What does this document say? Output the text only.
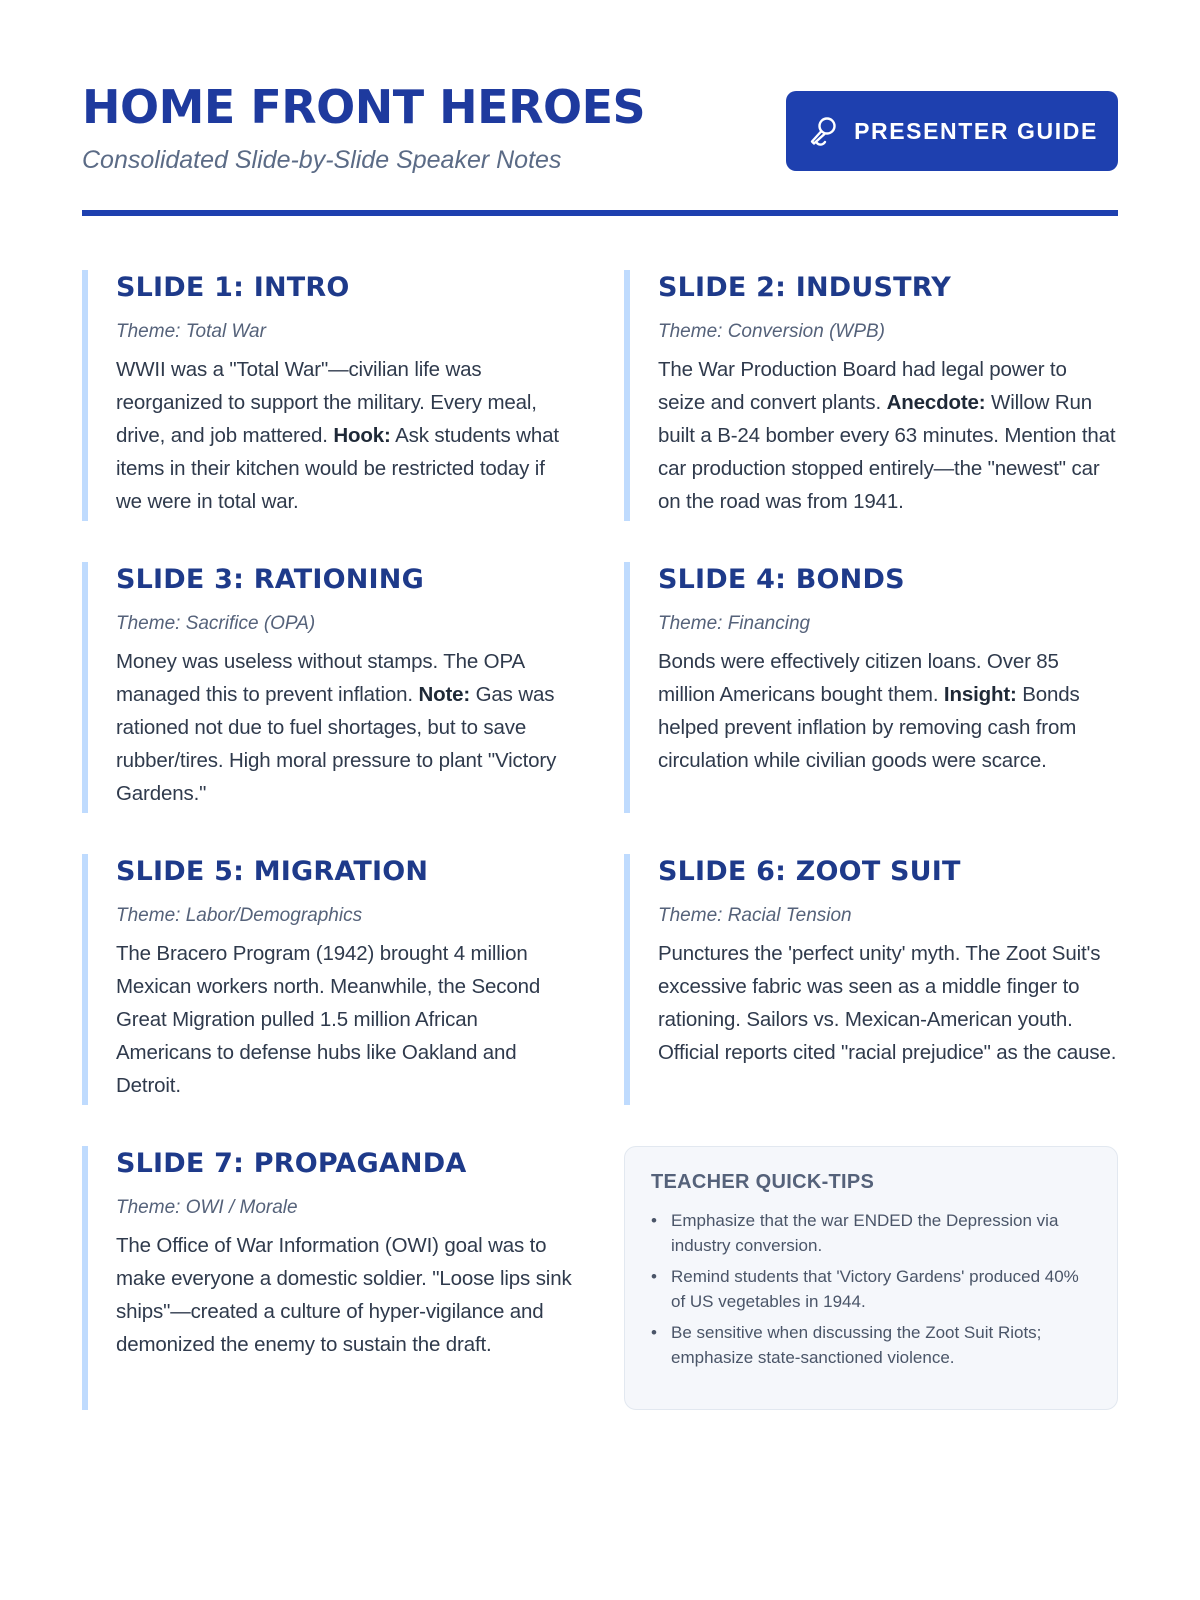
HOME FRONT HEROES

Consolidated Slide-by-Slide Speaker Notes

PRESENTER GUIDE
SLIDE 1: INTRO

Theme: Total War

WWII was a "Total War"—civilian life was reorganized to support the military. Every meal, drive, and job mattered. Hook: Ask students what items in their kitchen would be restricted today if we were in total war.

SLIDE 2: INDUSTRY

Theme: Conversion (WPB)

The War Production Board had legal power to seize and convert plants. Anecdote: Willow Run built a B-24 bomber every 63 minutes. Mention that car production stopped entirely—the "newest" car on the road was from 1941.

SLIDE 3: RATIONING

Theme: Sacrifice (OPA)

Money was useless without stamps. The OPA managed this to prevent inflation. Note: Gas was rationed not due to fuel shortages, but to save rubber/tires. High moral pressure to plant "Victory Gardens."

SLIDE 4: BONDS

Theme: Financing

Bonds were effectively citizen loans. Over 85 million Americans bought them. Insight: Bonds helped prevent inflation by removing cash from circulation while civilian goods were scarce.

SLIDE 5: MIGRATION

Theme: Labor/Demographics

The Bracero Program (1942) brought 4 million Mexican workers north. Meanwhile, the Second Great Migration pulled 1.5 million African Americans to defense hubs like Oakland and Detroit.

SLIDE 6: ZOOT SUIT

Theme: Racial Tension

Punctures the 'perfect unity' myth. The Zoot Suit's excessive fabric was seen as a middle finger to rationing. Sailors vs. Mexican-American youth. Official reports cited "racial prejudice" as the cause.

SLIDE 7: PROPAGANDA

Theme: OWI / Morale

The Office of War Information (OWI) goal was to make everyone a domestic soldier. "Loose lips sink ships"—created a culture of hyper-vigilance and demonized the enemy to sustain the draft.

TEACHER QUICK-TIPS
• Emphasize that the war ENDED the Depression via industry conversion.
• Remind students that 'Victory Gardens' produced 40% of US vegetables in 1944.
• Be sensitive when discussing the Zoot Suit Riots; emphasize state-sanctioned violence.
